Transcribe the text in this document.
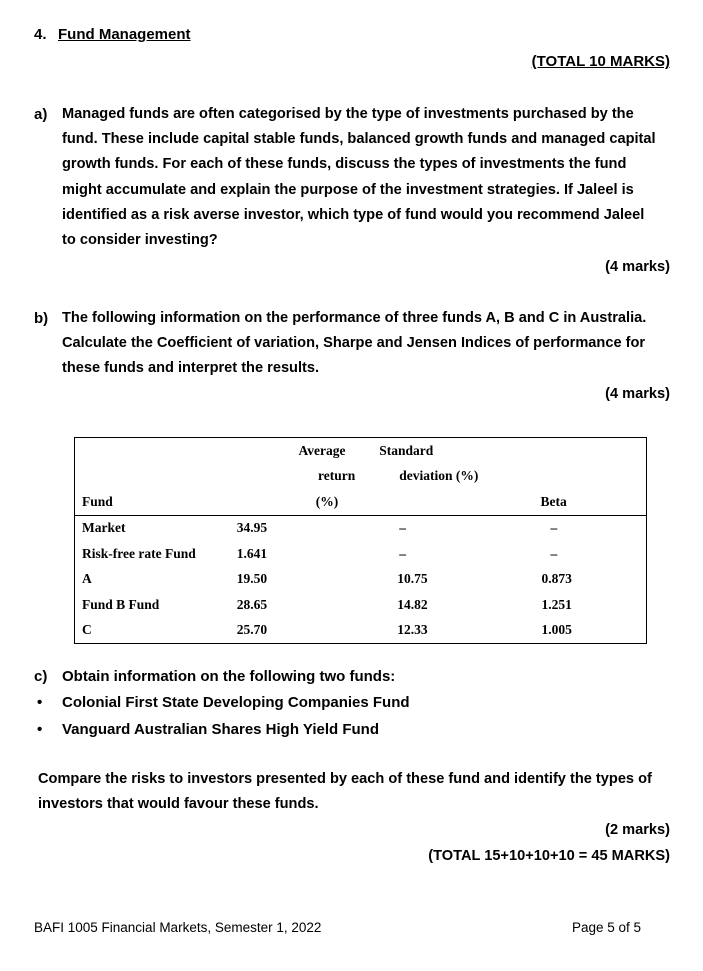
4. Fund Management
(TOTAL 10 MARKS)
a) Managed funds are often categorised by the type of investments purchased by the
fund. These include capital stable funds, balanced growth funds and managed capital
growth funds. For each of these funds, discuss the types of investments the fund
might accumulate and explain the purpose of the investment strategies. If Jaleel is
identified as a risk averse investor, which type of fund would you recommend Jaleel
to consider investing?
(4 marks)
b) The following information on the performance of three funds A, B and C in Australia.
Calculate the Coefficient of variation, Sharpe and Jensen Indices of performance for
these funds and interpret the results.
(4 marks)
	Average	Standard	
	return	deviation (%)	
Fund	(%)		Beta
Market	34.95	–	–
Risk-free rate Fund	1.641	–	–
A	19.50	10.75	0.873
Fund B Fund	28.65	14.82	1.251
C	25.70	12.33	1.005
c) Obtain information on the following two funds:
• Colonial First State Developing Companies Fund
• Vanguard Australian Shares High Yield Fund
Compare the risks to investors presented by each of these fund and identify the types of
investors that would favour these funds.
(2 marks)
(TOTAL 15+10+10+10 = 45 MARKS)
BAFI 1005 Financial Markets, Semester 1, 2022	Page 5 of 5
